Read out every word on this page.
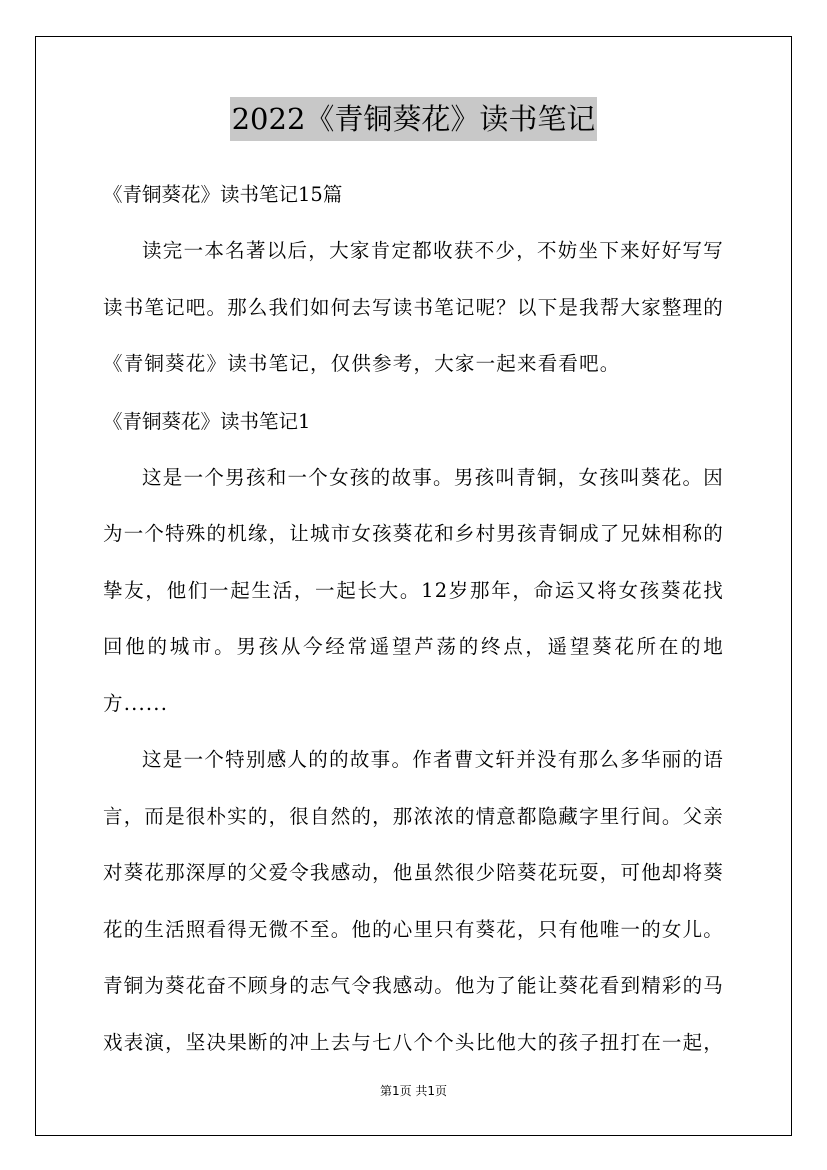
2022《青铜葵花》读书笔记

《青铜葵花》读书笔记15篇

读完一本名著以后，大家肯定都收获不少，不妨坐下来好好写写读书笔记吧。那么我们如何去写读书笔记呢？以下是我帮大家整理的《青铜葵花》读书笔记，仅供参考，大家一起来看看吧。

《青铜葵花》读书笔记1

这是一个男孩和一个女孩的故事。男孩叫青铜，女孩叫葵花。因为一个特殊的机缘，让城市女孩葵花和乡村男孩青铜成了兄妹相称的挚友，他们一起生活，一起长大。12岁那年，命运又将女孩葵花找回他的城市。男孩从今经常遥望芦荡的终点，遥望葵花所在的地方......

这是一个特别感人的的故事。作者曹文轩并没有那么多华丽的语言，而是很朴实的，很自然的，那浓浓的情意都隐藏字里行间。父亲对葵花那深厚的父爱令我感动，他虽然很少陪葵花玩耍，可他却将葵花的生活照看得无微不至。他的心里只有葵花，只有他唯一的女儿。青铜为葵花奋不顾身的志气令我感动。他为了能让葵花看到精彩的马戏表演，坚决果断的冲上去与七八个个头比他大的孩子扭打在一起，

第1页 共1页
